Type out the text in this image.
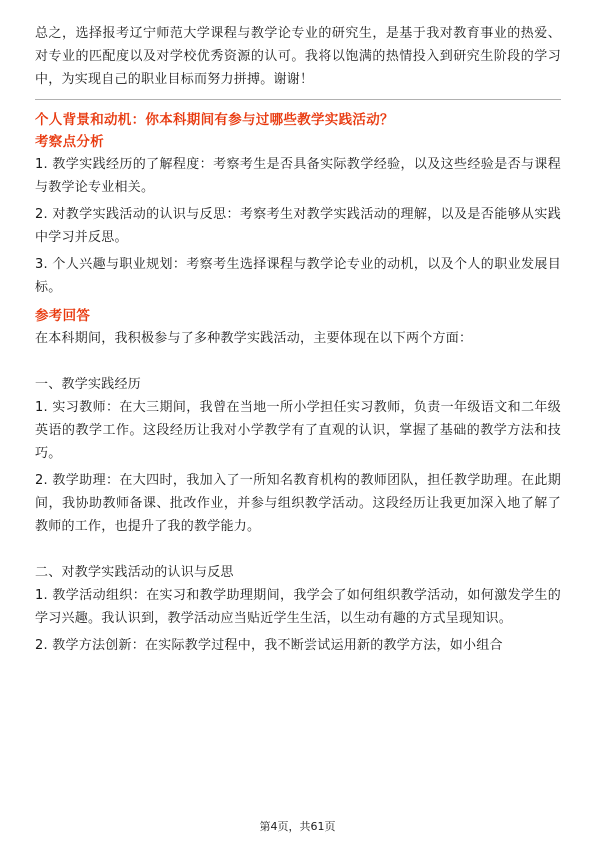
总之，选择报考辽宁师范大学课程与教学论专业的研究生，是基于我对教育事业的热爱、对专业的匹配度以及对学校优秀资源的认可。我将以饱满的热情投入到研究生阶段的学习中，为实现自己的职业目标而努力拼搏。谢谢！

个人背景和动机：你本科期间有参与过哪些教学实践活动？
考察点分析

1. 教学实践经历的了解程度：考察考生是否具备实际教学经验，以及这些经验是否与课程与教学论专业相关。

2. 对教学实践活动的认识与反思：考察考生对教学实践活动的理解，以及是否能够从实践中学习并反思。

3. 个人兴趣与职业规划：考察考生选择课程与教学论专业的动机，以及个人的职业发展目标。

参考回答

在本科期间，我积极参与了多种教学实践活动，主要体现在以下两个方面：

一、教学实践经历

1. 实习教师：在大三期间，我曾在当地一所小学担任实习教师，负责一年级语文和二年级英语的教学工作。这段经历让我对小学教学有了直观的认识，掌握了基础的教学方法和技巧。

2. 教学助理：在大四时，我加入了一所知名教育机构的教师团队，担任教学助理。在此期间，我协助教师备课、批改作业，并参与组织教学活动。这段经历让我更加深入地了解了教师的工作，也提升了我的教学能力。

二、对教学实践活动的认识与反思

1. 教学活动组织：在实习和教学助理期间，我学会了如何组织教学活动，如何激发学生的学习兴趣。我认识到，教学活动应当贴近学生生活，以生动有趣的方式呈现知识。

2. 教学方法创新：在实际教学过程中，我不断尝试运用新的教学方法，如小组合

第4页，共61页
